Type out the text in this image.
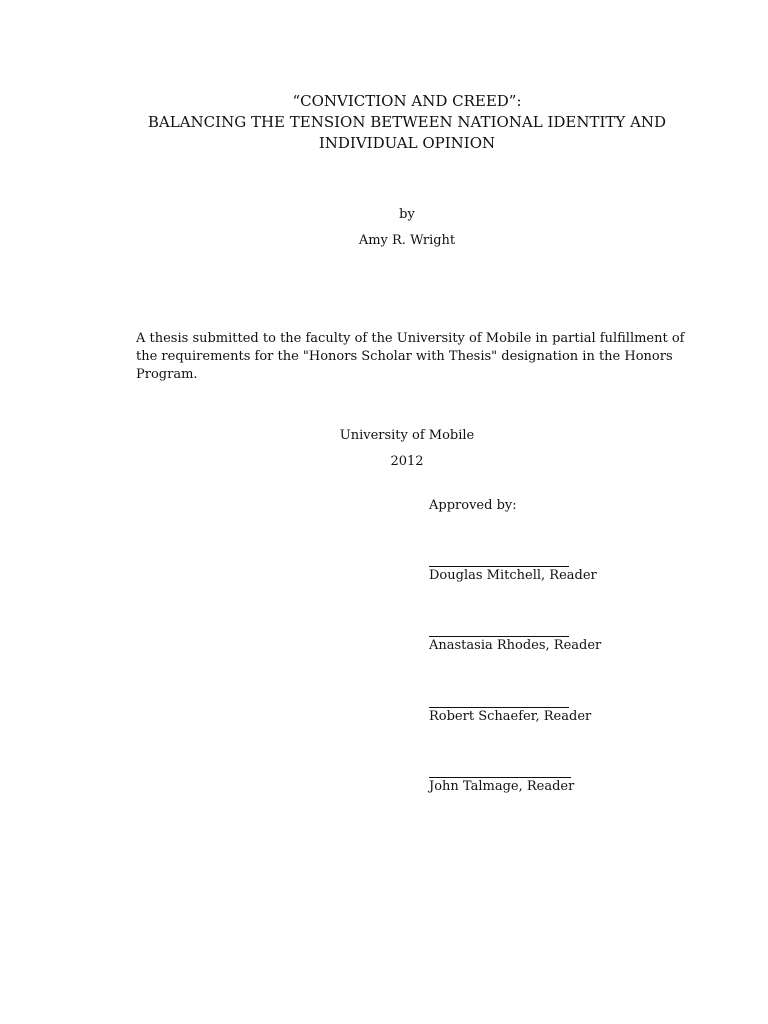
“CONVICTION AND CREED”:
BALANCING THE TENSION BETWEEN NATIONAL IDENTITY AND
INDIVIDUAL OPINION
by
Amy R. Wright
A thesis submitted to the faculty of the University of Mobile in partial fulfillment of
the requirements for the "Honors Scholar with Thesis" designation in the Honors
Program.
University of Mobile
2012
Approved by:
Douglas Mitchell, Reader
Anastasia Rhodes, Reader
Robert Schaefer, Reader
John Talmage, Reader
